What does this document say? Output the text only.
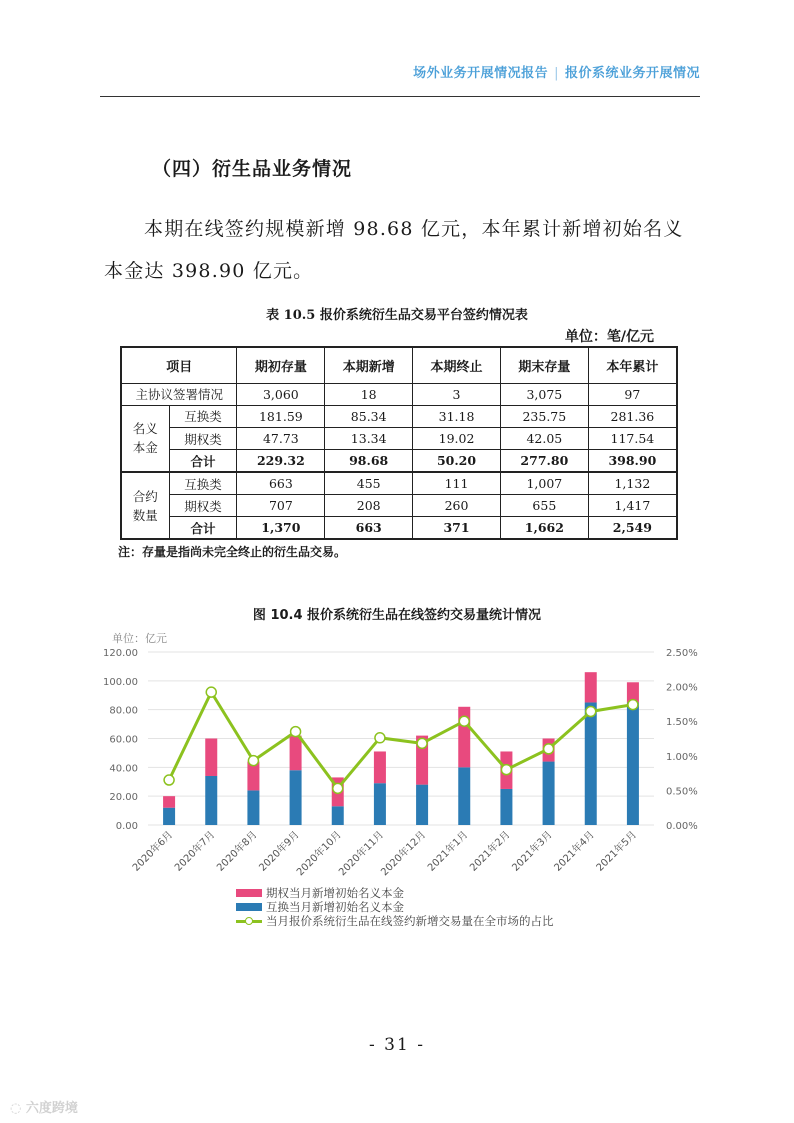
场外业务开展情况报告 | 报价系统业务开展情况
（四）衍生品业务情况
本期在线签约规模新增 98.68 亿元，本年累计新增初始名义本金达 398.90 亿元。
表 10.5 报价系统衍生品交易平台签约情况表
单位：笔/亿元
项目		期初存量	本期新增	本期终止	期末存量	本年累计
主协议签署情况		3,060	18	3	3,075	97
名义本金	互换类	181.59	85.34	31.18	235.75	281.36
	期权类	47.73	13.34	19.02	42.05	117.54
	合计	229.32	98.68	50.20	277.80	398.90
合约数量	互换类	663	455	111	1,007	1,132
	期权类	707	208	260	655	1,417
	合计	1,370	663	371	1,662	2,549
注：存量是指尚未完全终止的衍生品交易。
图 10.4 报价系统衍生品在线签约交易量统计情况
单位：亿元
0.00
20.00
40.00
60.00
80.00
100.00
120.00
0.00%
0.50%
1.00%
1.50%
2.00%
2.50%
2020年6月
2020年7月
2020年8月
2020年9月
2020年10月
2020年11月
2020年12月
2021年1月
2021年2月
2021年3月
2021年4月
2021年5月
期权当月新增初始名义本金
互换当月新增初始名义本金
当月报价系统衍生品在线签约新增交易量在全市场的占比
- 31 -
◌ 六度跨境
